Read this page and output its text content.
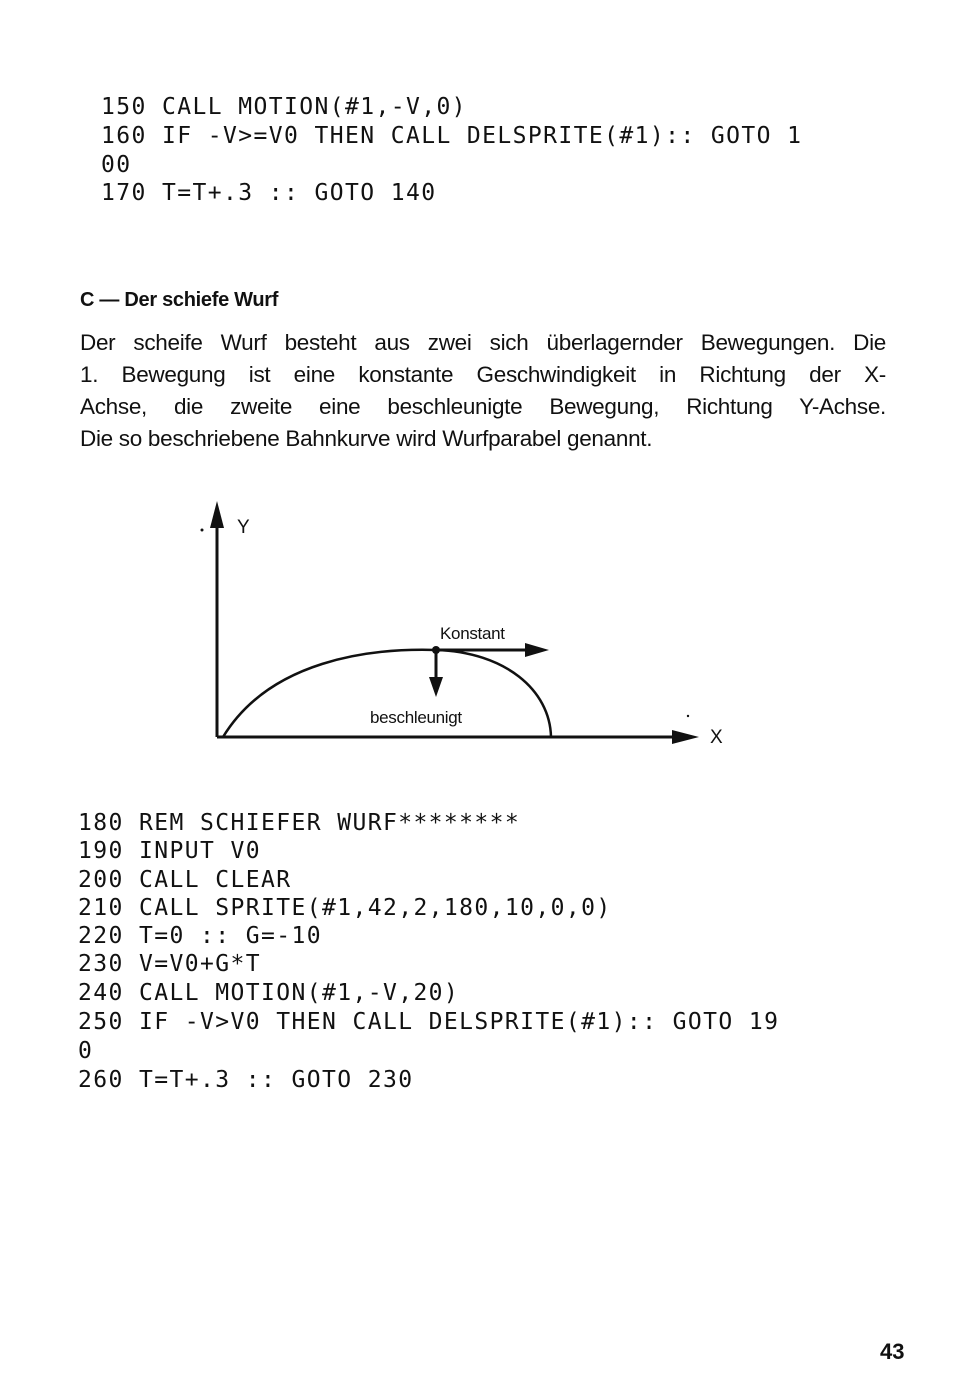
150 CALL MOTION(#1,-V,0)
160 IF -V>=V0 THEN CALL DELSPRITE(#1):: GOTO 1
00
170 T=T+.3 :: GOTO 140
C — Der schiefe Wurf
Der scheife Wurf besteht aus zwei sich überlagernder Bewegungen. Die
1. Bewegung ist eine konstante Geschwindigkeit in Richtung der X-
Achse, die zweite eine beschleunigte Bewegung, Richtung Y-Achse.
Die so beschriebene Bahnkurve wird Wurfparabel genannt.
Y
X
Konstant
beschleunigt
180 REM SCHIEFER WURF********
190 INPUT V0
200 CALL CLEAR
210 CALL SPRITE(#1,42,2,180,10,0,0)
220 T=0 :: G=-10
230 V=V0+G*T
240 CALL MOTION(#1,-V,20)
250 IF -V>V0 THEN CALL DELSPRITE(#1):: GOTO 19
0
260 T=T+.3 :: GOTO 230
43
